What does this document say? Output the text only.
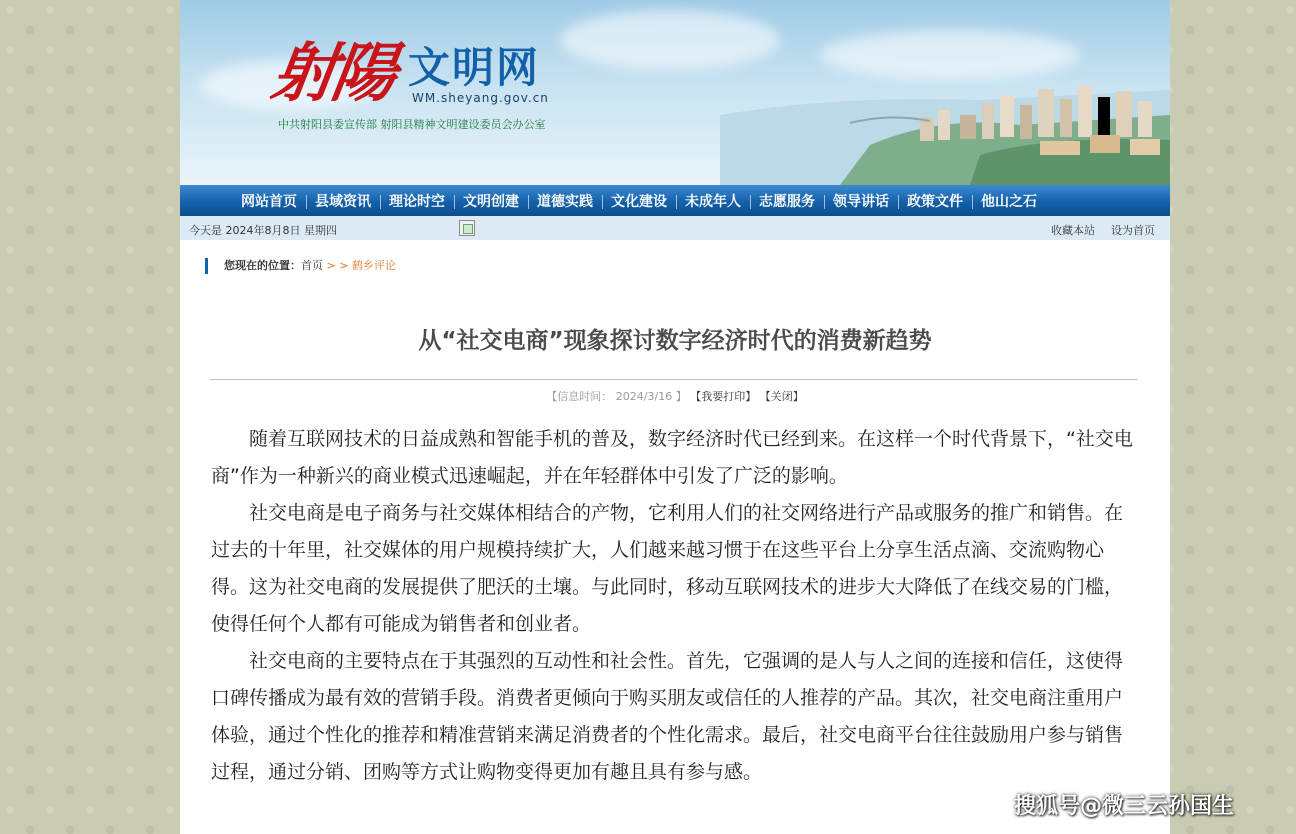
射陽 文明网
WM.sheyang.gov.cn
中共射阳县委宣传部 射阳县精神文明建设委员会办公室
网站首页	县域资讯	理论时空	文明创建	道德实践	文化建设	未成年人	志愿服务	领导讲话	政策文件	他山之石
今天是 2024年8月8日 星期四	收藏本站 设为首页
您现在的位置：首页 > > 鹤乡评论
从“社交电商”现象探讨数字经济时代的消费新趋势
【信息时间： 2024/3/16 】 【我要打印】 【关闭】

随着互联网技术的日益成熟和智能手机的普及，数字经济时代已经到来。在这样一个时代背景下，“社交电商”作为一种新兴的商业模式迅速崛起，并在年轻群体中引发了广泛的影响。

社交电商是电子商务与社交媒体相结合的产物，它利用人们的社交网络进行产品或服务的推广和销售。在过去的十年里，社交媒体的用户规模持续扩大，人们越来越习惯于在这些平台上分享生活点滴、交流购物心得。这为社交电商的发展提供了肥沃的土壤。与此同时，移动互联网技术的进步大大降低了在线交易的门槛，使得任何个人都有可能成为销售者和创业者。

社交电商的主要特点在于其强烈的互动性和社会性。首先，它强调的是人与人之间的连接和信任，这使得口碑传播成为最有效的营销手段。消费者更倾向于购买朋友或信任的人推荐的产品。其次，社交电商注重用户体验，通过个性化的推荐和精准营销来满足消费者的个性化需求。最后，社交电商平台往往鼓励用户参与销售过程，通过分销、团购等方式让购物变得更加有趣且具有参与感。

搜狐号@微三云孙国生
